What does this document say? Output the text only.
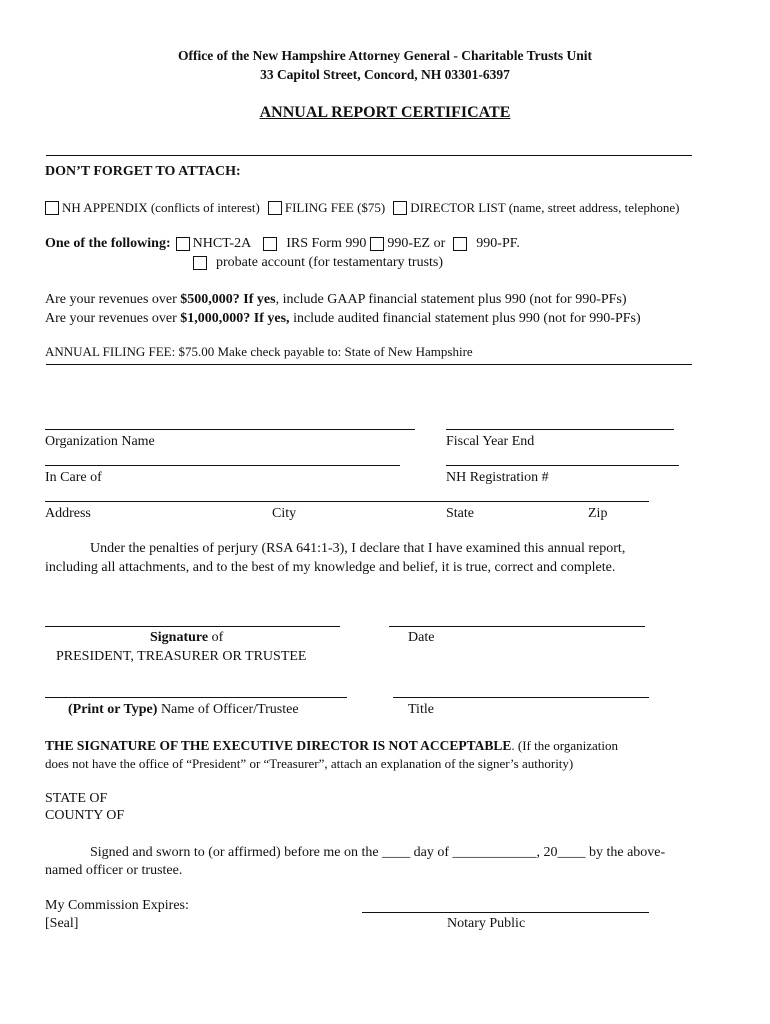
Office of the New Hampshire Attorney General - Charitable Trusts Unit
33 Capitol Street, Concord, NH 03301-6397
ANNUAL REPORT CERTIFICATE
DON’T FORGET TO ATTACH:
NH APPENDIX (conflicts of interest) FILING FEE ($75) DIRECTOR LIST (name, street address, telephone)
One of the following: NHCT-2A	IRS Form 990 990-EZ or 990-PF.
probate account (for testamentary trusts)
Are your revenues over $500,000? If yes, include GAAP financial statement plus 990 (not for 990-PFs)
Are your revenues over $1,000,000? If yes, include audited financial statement plus 990 (not for 990-PFs)
ANNUAL FILING FEE: $75.00 Make check payable to: State of New Hampshire
Organization Name	Fiscal Year End
In Care of	NH Registration #
Address	City	State	Zip
Under the penalties of perjury (RSA 641:1-3), I declare that I have examined this annual report,
including all attachments, and to the best of my knowledge and belief, it is true, correct and complete.
Signature of	Date
PRESIDENT, TREASURER OR TRUSTEE
(Print or Type) Name of Officer/Trustee	Title
THE SIGNATURE OF THE EXECUTIVE DIRECTOR IS NOT ACCEPTABLE. (If the organization
does not have the office of “President” or “Treasurer”, attach an explanation of the signer’s authority)
STATE OF
COUNTY OF
Signed and sworn to (or affirmed) before me on the ____ day of ____________, 20____ by the above-
named officer or trustee.
My Commission Expires:
[Seal]	Notary Public
